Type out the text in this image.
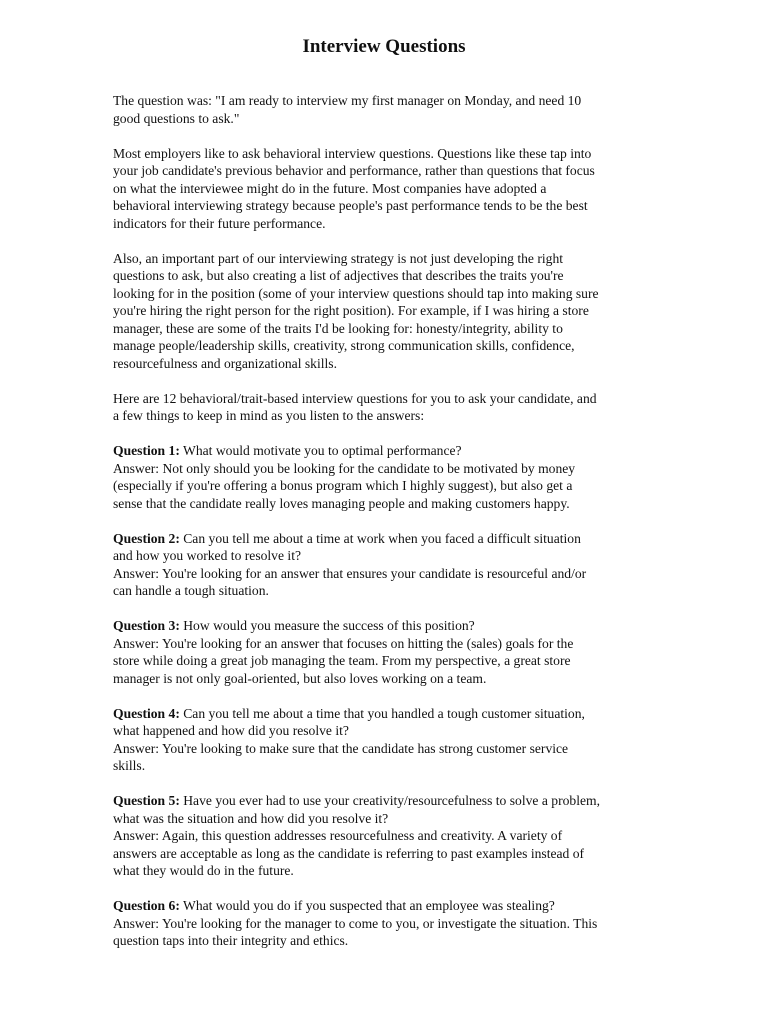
Interview Questions

The question was: "I am ready to interview my first manager on Monday, and need 10
good questions to ask."

Most employers like to ask behavioral interview questions. Questions like these tap into
your job candidate's previous behavior and performance, rather than questions that focus
on what the interviewee might do in the future. Most companies have adopted a
behavioral interviewing strategy because people's past performance tends to be the best
indicators for their future performance.

Also, an important part of our interviewing strategy is not just developing the right
questions to ask, but also creating a list of adjectives that describes the traits you're
looking for in the position (some of your interview questions should tap into making sure
you're hiring the right person for the right position). For example, if I was hiring a store
manager, these are some of the traits I'd be looking for: honesty/integrity, ability to
manage people/leadership skills, creativity, strong communication skills, confidence,
resourcefulness and organizational skills.

Here are 12 behavioral/trait-based interview questions for you to ask your candidate, and
a few things to keep in mind as you listen to the answers:

Question 1: What would motivate you to optimal performance?
Answer: Not only should you be looking for the candidate to be motivated by money
(especially if you're offering a bonus program which I highly suggest), but also get a
sense that the candidate really loves managing people and making customers happy.

Question 2: Can you tell me about a time at work when you faced a difficult situation
and how you worked to resolve it?
Answer: You're looking for an answer that ensures your candidate is resourceful and/or
can handle a tough situation.

Question 3: How would you measure the success of this position?
Answer: You're looking for an answer that focuses on hitting the (sales) goals for the
store while doing a great job managing the team. From my perspective, a great store
manager is not only goal-oriented, but also loves working on a team.

Question 4: Can you tell me about a time that you handled a tough customer situation,
what happened and how did you resolve it?
Answer: You're looking to make sure that the candidate has strong customer service
skills.

Question 5: Have you ever had to use your creativity/resourcefulness to solve a problem,
what was the situation and how did you resolve it?
Answer: Again, this question addresses resourcefulness and creativity. A variety of
answers are acceptable as long as the candidate is referring to past examples instead of
what they would do in the future.

Question 6: What would you do if you suspected that an employee was stealing?
Answer: You're looking for the manager to come to you, or investigate the situation. This
question taps into their integrity and ethics.
